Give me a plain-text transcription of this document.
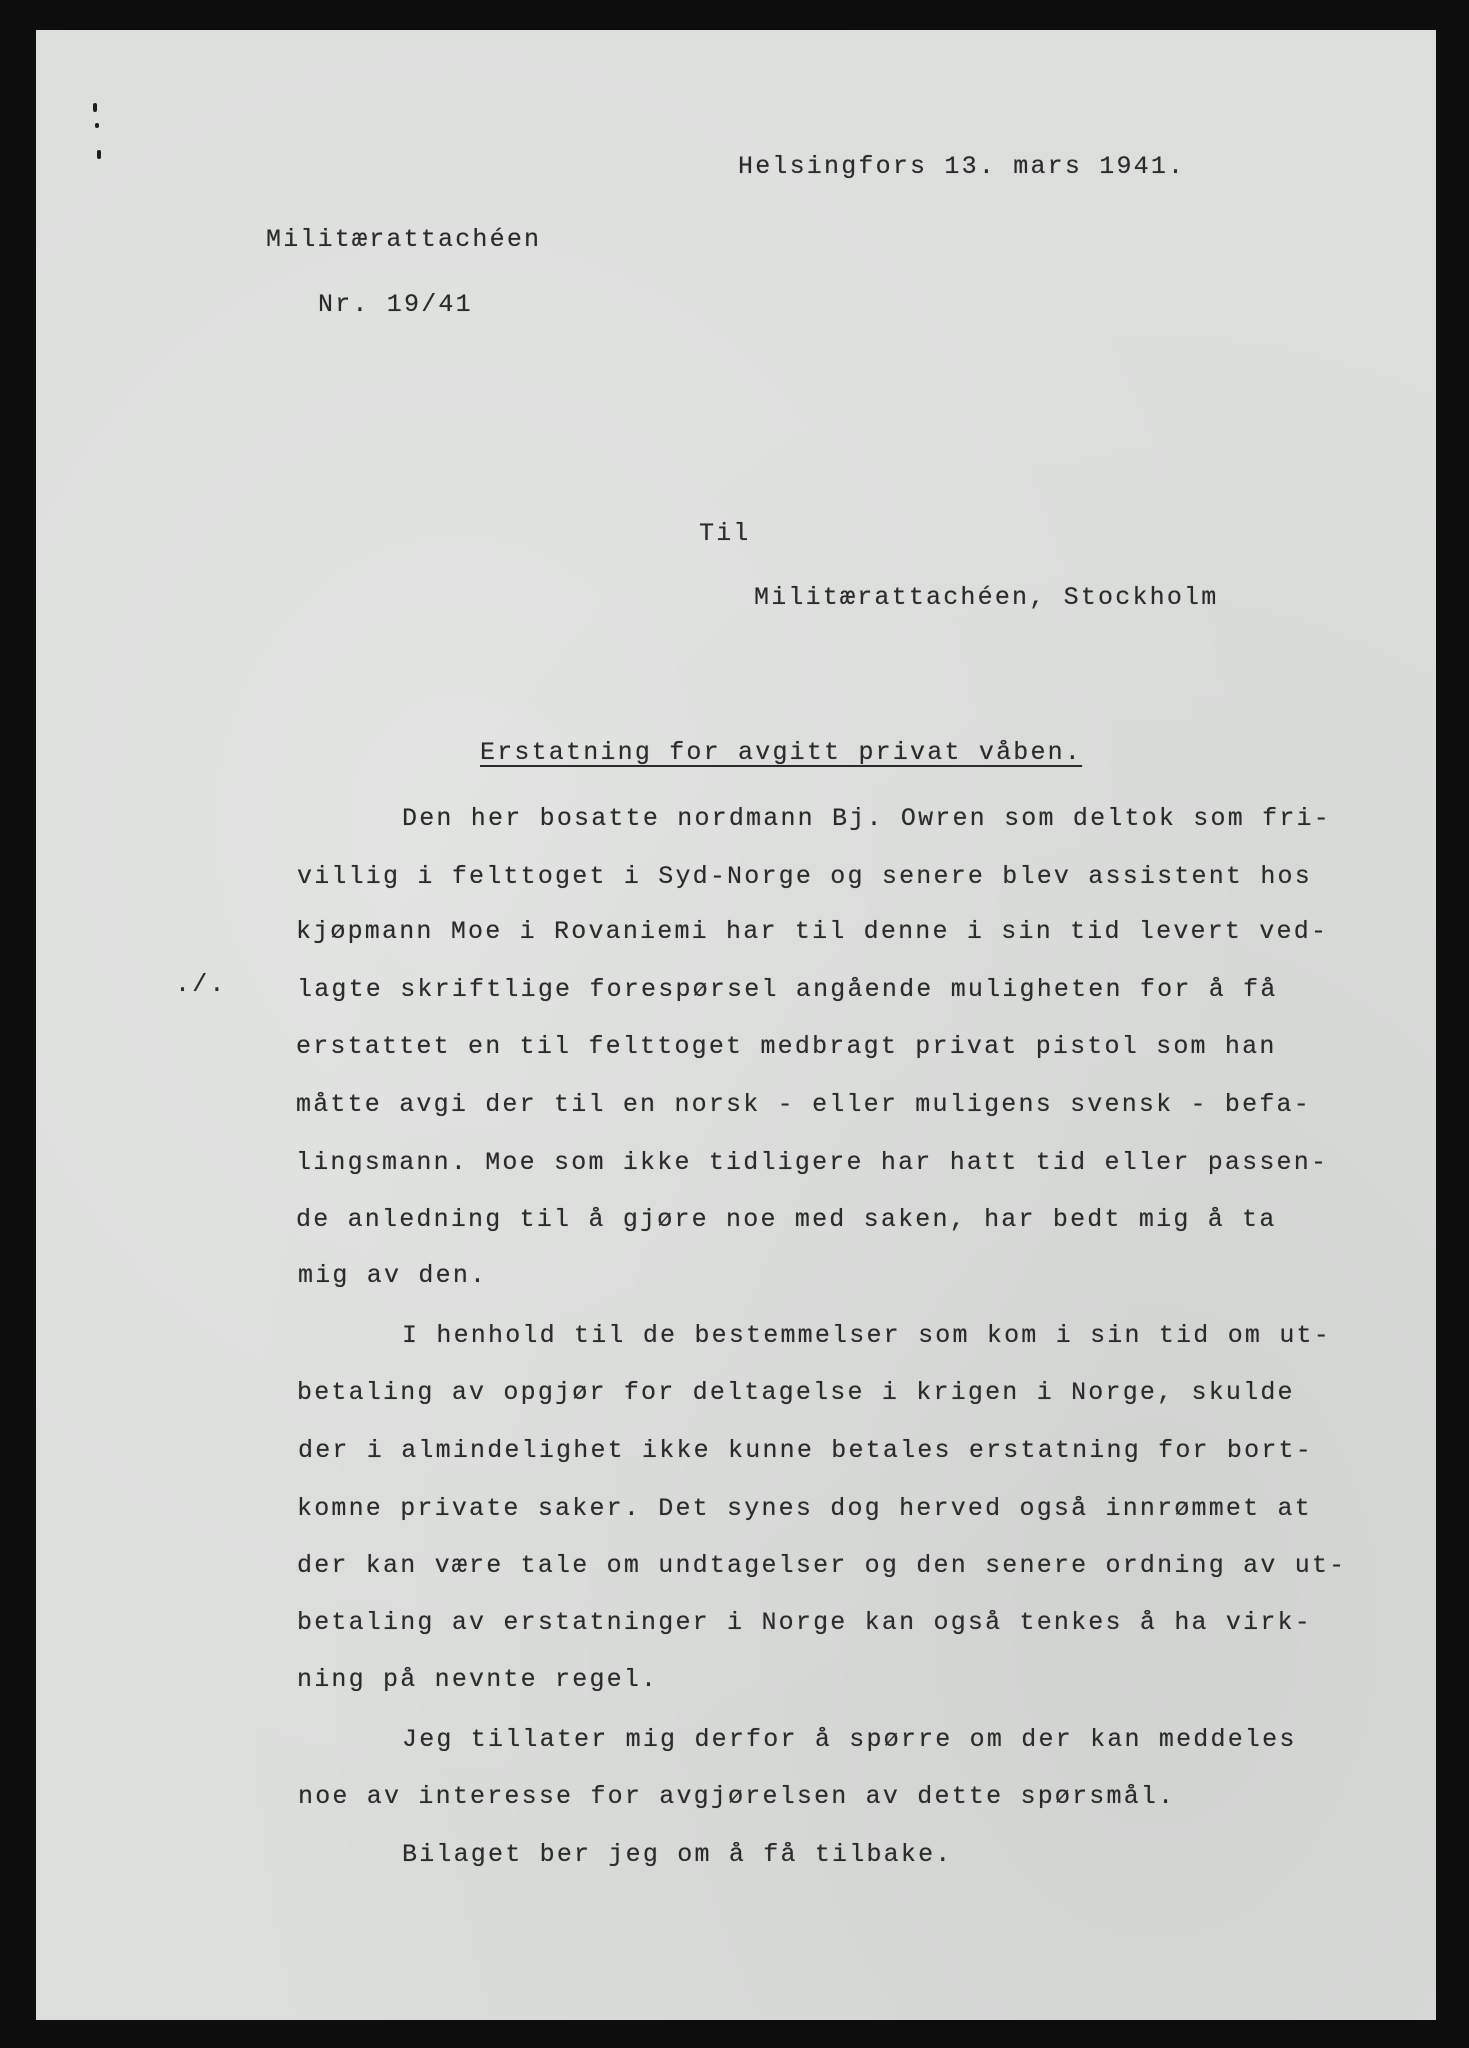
Helsingfors 13. mars 1941.
Militærattachéen
Nr. 19/41
Til
Militærattachéen, Stockholm
Erstatning for avgitt privat våben.
./.
Den her bosatte nordmann Bj. Owren som deltok som fri-
villig i felttoget i Syd-Norge og senere blev assistent hos
kjøpmann Moe i Rovaniemi har til denne i sin tid levert ved-
lagte skriftlige forespørsel angående muligheten for å få
erstattet en til felttoget medbragt privat pistol som han
måtte avgi der til en norsk - eller muligens svensk - befa-
lingsmann. Moe som ikke tidligere har hatt tid eller passen-
de anledning til å gjøre noe med saken, har bedt mig å ta
mig av den.
I henhold til de bestemmelser som kom i sin tid om ut-
betaling av opgjør for deltagelse i krigen i Norge, skulde
der i almindelighet ikke kunne betales erstatning for bort-
komne private saker. Det synes dog herved også innrømmet at
der kan være tale om undtagelser og den senere ordning av ut-
betaling av erstatninger i Norge kan også tenkes å ha virk-
ning på nevnte regel.
Jeg tillater mig derfor å spørre om der kan meddeles
noe av interesse for avgjørelsen av dette spørsmål.
Bilaget ber jeg om å få tilbake.
